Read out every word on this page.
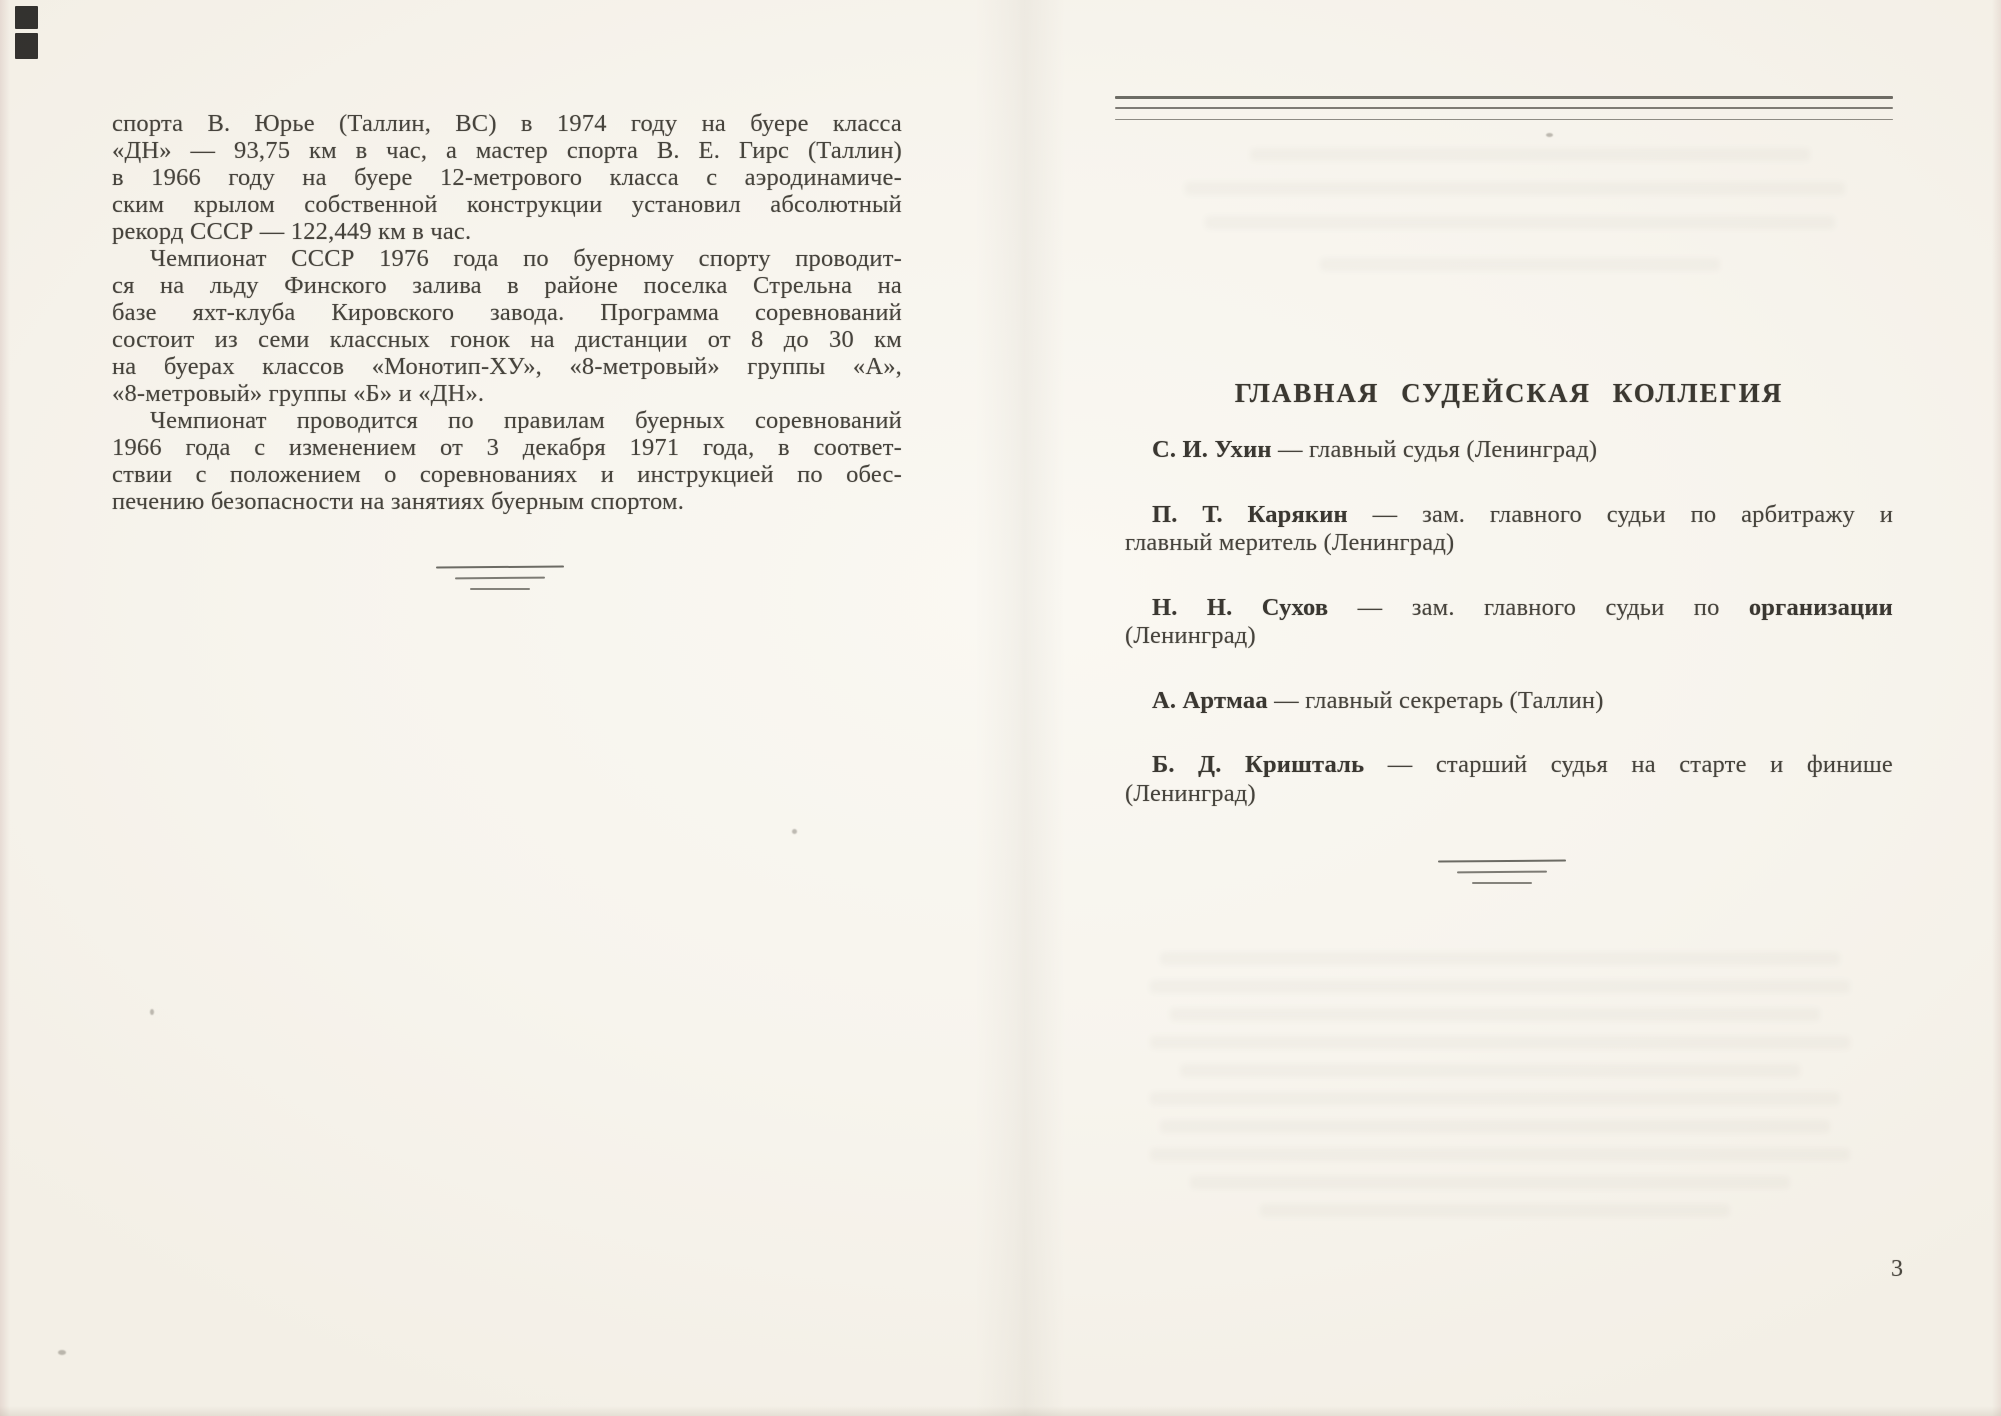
спорта В. Юрье (Таллин, ВС) в 1974 году на буере класса
«ДН» — 93,75 км в час, а мастер спорта В. Е. Гирс (Таллин)
в 1966 году на буере 12-метрового класса с аэродинамиче-
ским крылом собственной конструкции установил абсолютный
рекорд СССР — 122,449 км в час.
Чемпионат СССР 1976 года по буерному спорту проводит-
ся на льду Финского залива в районе поселка Стрельна на
базе яхт-клуба Кировского завода. Программа соревнований
состоит из семи классных гонок на дистанции от 8 до 30 км
на буерах классов «Монотип-ХУ», «8-метровый» группы «А»,
«8-метровый» группы «Б» и «ДН».
Чемпионат проводится по правилам буерных соревнований
1966 года с изменением от 3 декабря 1971 года, в соответ-
ствии с положением о соревнованиях и инструкцией по обес-
печению безопасности на занятиях буерным спортом.
ГЛАВНАЯ СУДЕЙСКАЯ КОЛЛЕГИЯ
С. И. Ухин — главный судья (Ленинград)
П. Т. Карякин — зам. главного судьи по арбитражу и
главный меритель (Ленинград)
Н. Н. Сухов — зам. главного судьи по организации
(Ленинград)
А. Артмаа — главный секретарь (Таллин)
Б. Д. Кришталь — старший судья на старте и финише
(Ленинград)
3
